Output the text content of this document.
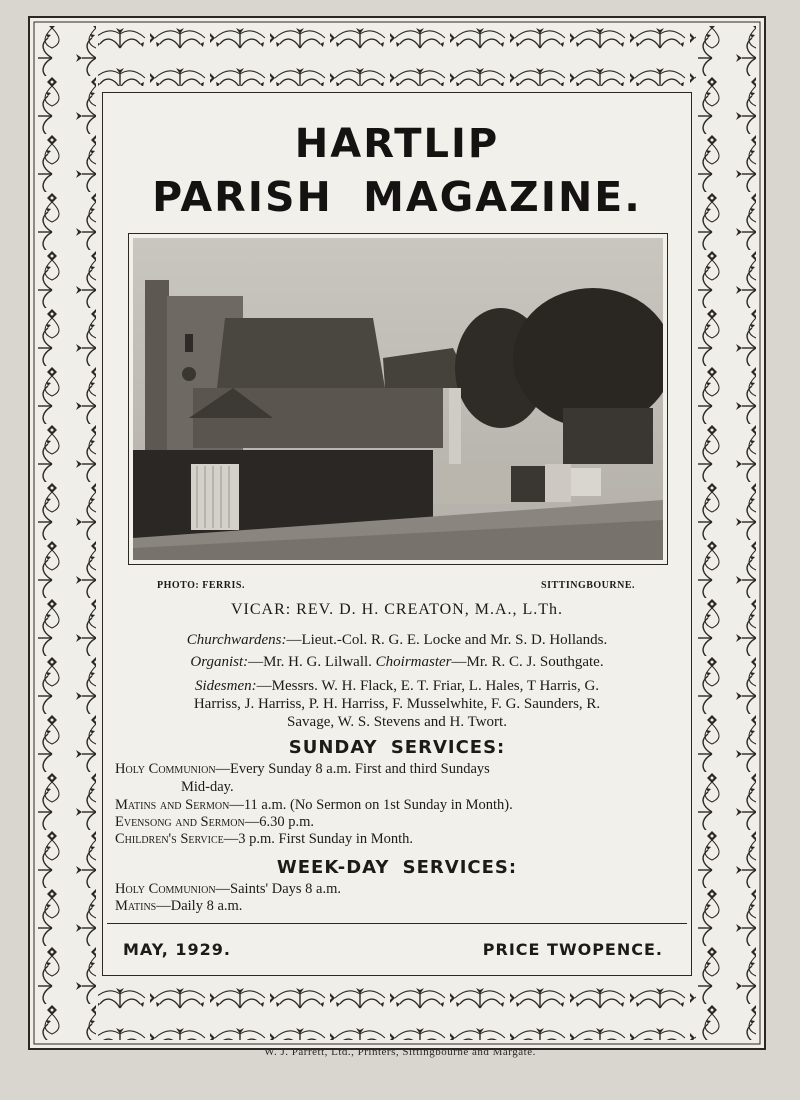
HARTLIP
PARISH MAGAZINE.
PHOTO: FERRIS.	SITTINGBOURNE.
VICAR: REV. D. H. CREATON, M.A., L.Th.
Churchwardens:—Lieut.-Col. R. G. E. Locke and Mr. S. D. Hollands.
Organist:—Mr. H. G. Lilwall. Choirmaster—Mr. R. C. J. Southgate.
Sidesmen:—Messrs. W. H. Flack, E. T. Friar, L. Hales, T Harris, G.
Harriss, J. Harriss, P. H. Harriss, F. Musselwhite, F. G. Saunders, R.
Savage, W. S. Stevens and H. Twort.
SUNDAY SERVICES:
Holy Communion—Every Sunday 8 a.m. First and third Sundays
Mid-day.
Matins and Sermon—11 a.m. (No Sermon on 1st Sunday in Month).
Evensong and Sermon—6.30 p.m.
Children's Service—3 p.m. First Sunday in Month.
WEEK-DAY SERVICES:
Holy Communion—Saints' Days 8 a.m.
Matins—Daily 8 a.m.
MAY, 1929.	PRICE TWOPENCE.
W. J. Parrett, Ltd., Printers, Sittingbourne and Margate.
